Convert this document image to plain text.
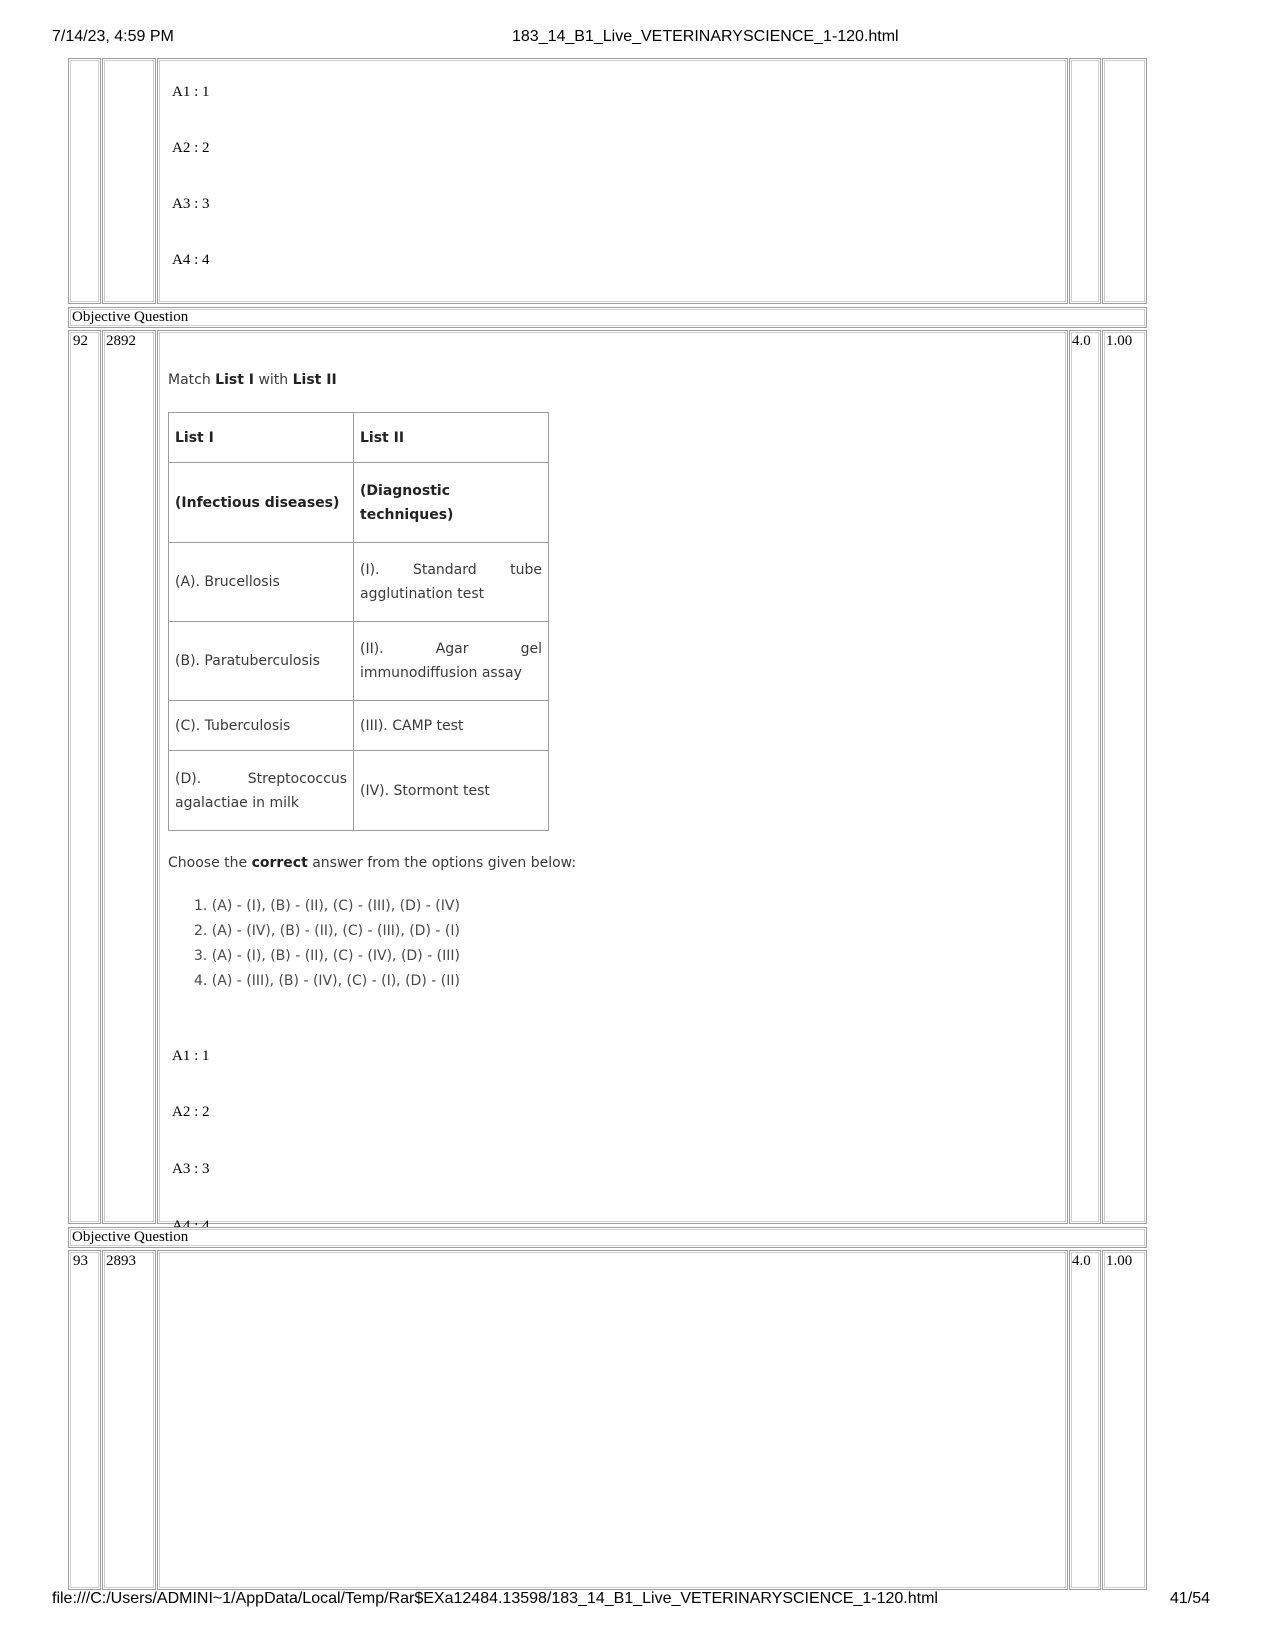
7/14/23, 4:59 PM	183_14_B1_Live_VETERINARYSCIENCE_1-120.html
A1 : 1
A2 : 2
A3 : 3
A4 : 4
Objective Question
92 2892	4.0 1.00
Match List I with List II
List I	List II
(Infectious diseases)	(Diagnostic techniques)
(A). Brucellosis	(I). Standard tube agglutination test
(B). Paratuberculosis	(II). Agar gel immunodiffusion assay
(C). Tuberculosis	(III). CAMP test
(D). Streptococcus agalactiae in milk	(IV). Stormont test
Choose the correct answer from the options given below:
1. (A) - (I), (B) - (II), (C) - (III), (D) - (IV)
2. (A) - (IV), (B) - (II), (C) - (III), (D) - (I)
3. (A) - (I), (B) - (II), (C) - (IV), (D) - (III)
4. (A) - (III), (B) - (IV), (C) - (I), (D) - (II)
A1 : 1
A2 : 2
A3 : 3
A4 : 4
Objective Question
93 2893	4.0 1.00
file:///C:/Users/ADMINI~1/AppData/Local/Temp/Rar$EXa12484.13598/183_14_B1_Live_VETERINARYSCIENCE_1-120.html	41/54
